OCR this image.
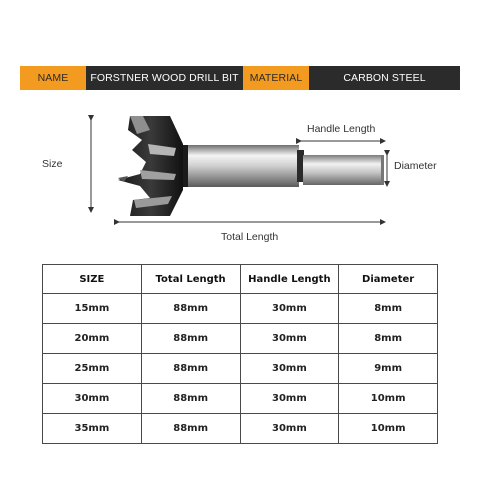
NAME	FORSTNER WOOD DRILL BIT	MATERIAL	CARBON STEEL
Size
Handle Length
Diameter
Total Length
SIZE	Total Length	Handle Length	Diameter
15mm	88mm	30mm	8mm
20mm	88mm	30mm	8mm
25mm	88mm	30mm	9mm
30mm	88mm	30mm	10mm
35mm	88mm	30mm	10mm
